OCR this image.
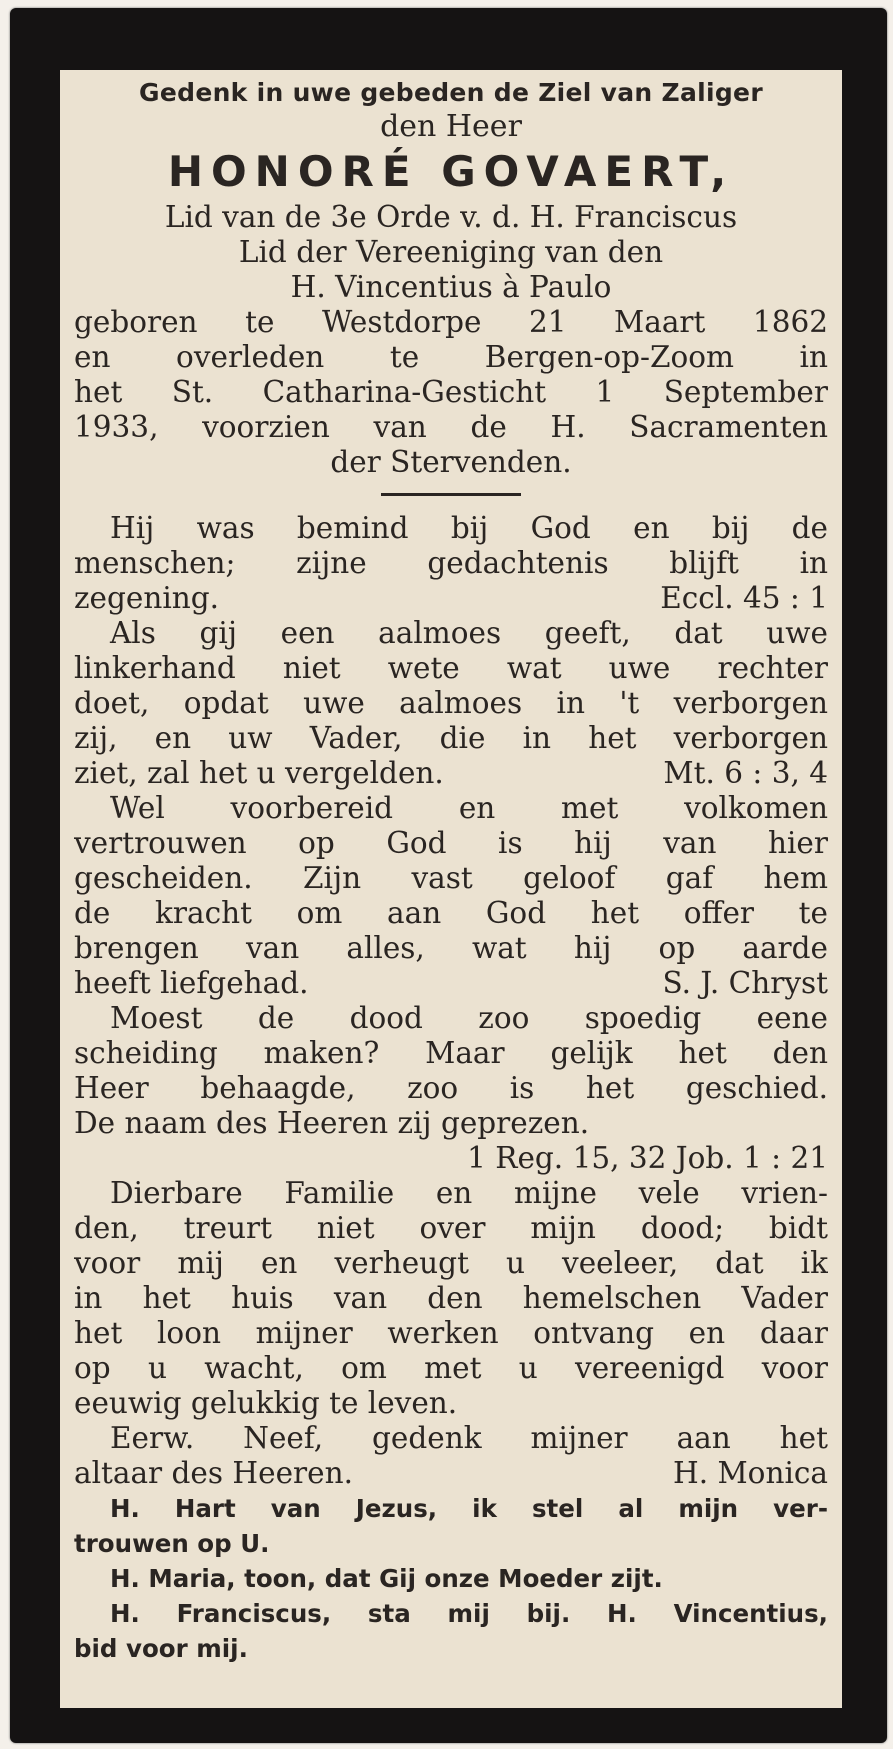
Gedenk in uwe gebeden de Ziel van Zaliger
den Heer
HONORÉ GOVAERT,
Lid van de 3e Orde v. d. H. Franciscus
Lid der Vereeniging van den
H. Vincentius à Paulo
geboren te Westdorpe 21 Maart 1862
en overleden te Bergen-op-Zoom in
het St. Catharina-Gesticht 1 September
1933, voorzien van de H. Sacramenten
der Stervenden.
Hij was bemind bij God en bij de
menschen; zijne gedachtenis blijft in
zegening.	Eccl. 45 : 1
Als gij een aalmoes geeft, dat uwe
linkerhand niet wete wat uwe rechter
doet, opdat uwe aalmoes in 't verborgen
zij, en uw Vader, die in het verborgen
ziet, zal het u vergelden.	Mt. 6 : 3, 4
Wel voorbereid en met volkomen
vertrouwen op God is hij van hier
gescheiden. Zijn vast geloof gaf hem
de kracht om aan God het offer te
brengen van alles, wat hij op aarde
heeft liefgehad.	S. J. Chryst
Moest de dood zoo spoedig eene
scheiding maken? Maar gelijk het den
Heer behaagde, zoo is het geschied.
De naam des Heeren zij geprezen.
1 Reg. 15, 32 Job. 1 : 21
Dierbare Familie en mijne vele vrien-
den, treurt niet over mijn dood; bidt
voor mij en verheugt u veeleer, dat ik
in het huis van den hemelschen Vader
het loon mijner werken ontvang en daar
op u wacht, om met u vereenigd voor
eeuwig gelukkig te leven.
Eerw. Neef, gedenk mijner aan het
altaar des Heeren.	H. Monica
H. Hart van Jezus, ik stel al mijn ver-
trouwen op U.
H. Maria, toon, dat Gij onze Moeder zijt.
H. Franciscus, sta mij bij. H. Vincentius,
bid voor mij.
